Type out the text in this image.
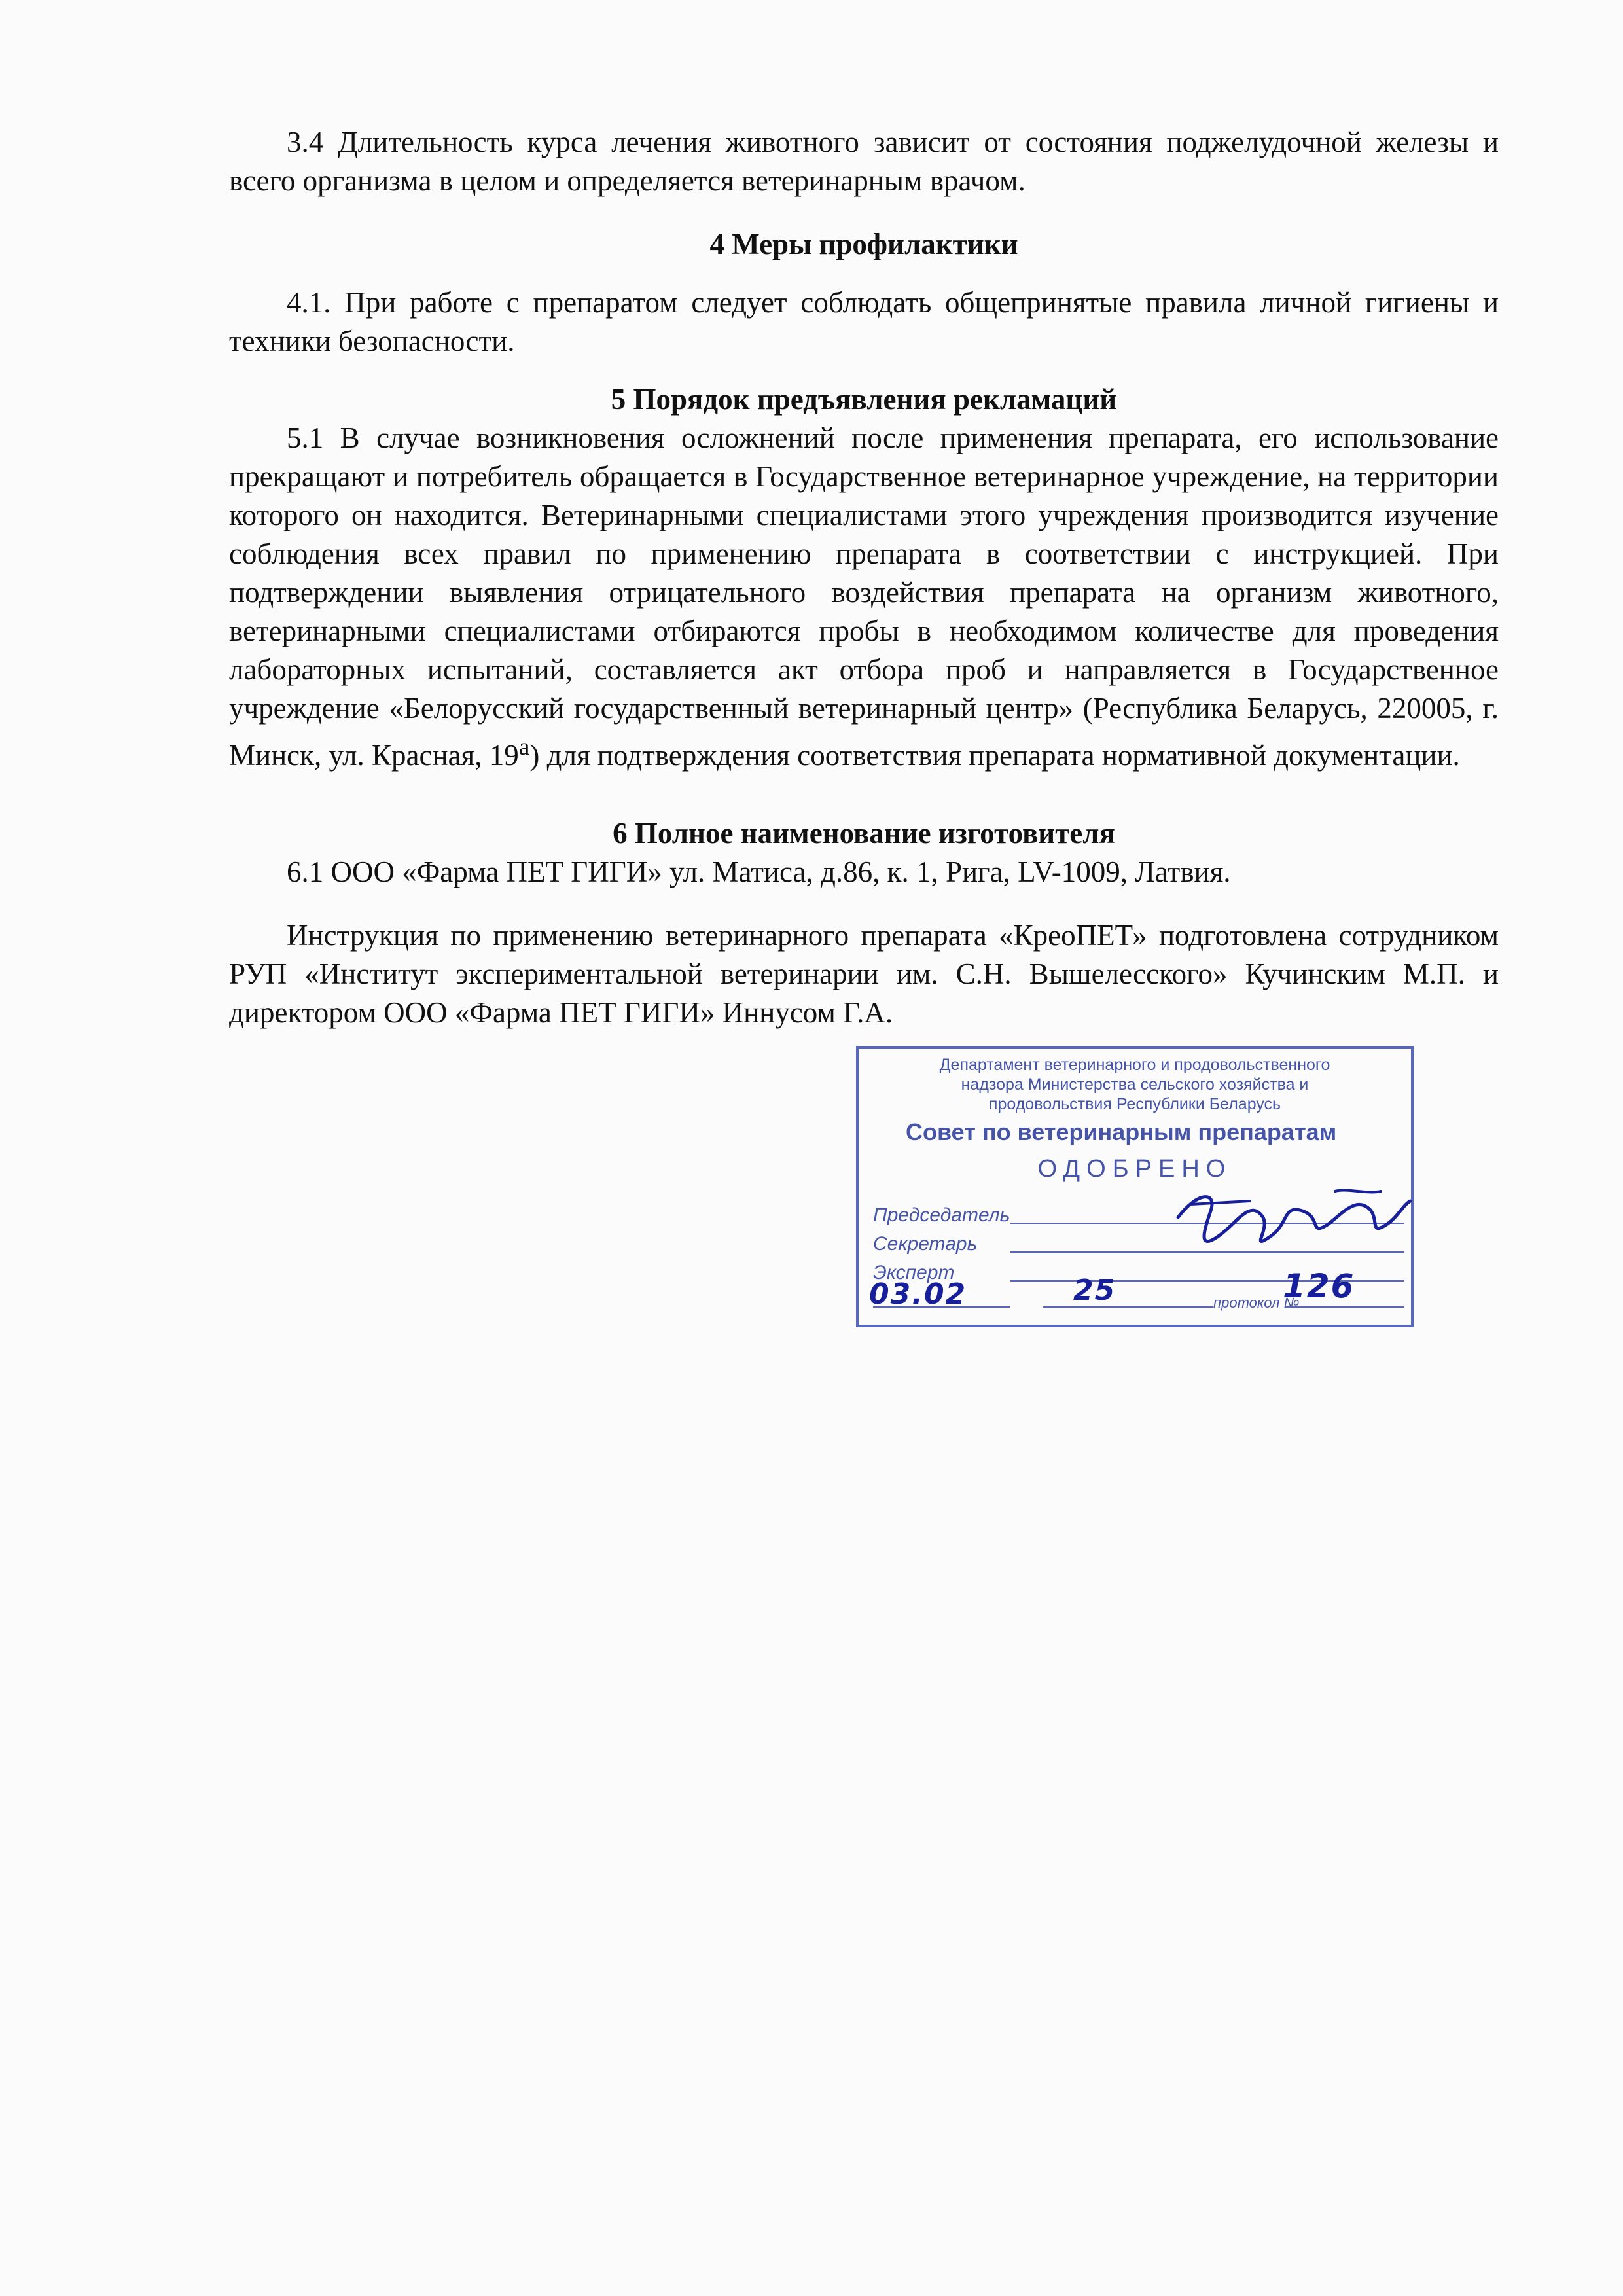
3.4 Длительность курса лечения животного зависит от состояния поджелудочной железы и всего организма в целом и определяется ветеринарным врачом.

4 Меры профилактики

4.1. При работе с препаратом следует соблюдать общепринятые правила личной гигиены и техники безопасности.

5 Порядок предъявления рекламаций

5.1 В случае возникновения осложнений после применения препарата, его использование прекращают и потребитель обращается в Государственное ветеринарное учреждение, на территории которого он находится. Ветеринарными специалистами этого учреждения производится изучение соблюдения всех правил по применению препарата в соответствии с инструкцией. При подтверждении выявления отрицательного воздействия препарата на организм животного, ветеринарными специалистами отбираются пробы в необходимом количестве для проведения лабораторных испытаний, составляется акт отбора проб и направляется в Государственное учреждение «Белорусский государственный ветеринарный центр» (Республика Беларусь, 220005, г. Минск, ул. Красная, $19^а$) для подтверждения соответствия препарата нормативной документации.

6 Полное наименование изготовителя

6.1 ООО «Фарма ПЕТ ГИГИ» ул. Матиса, д.86, к. 1, Рига, LV-1009, Латвия.

Инструкция по применению ветеринарного препарата «КреоПЕТ» подготовлена сотрудником РУП «Институт экспериментальной ветеринарии им. С.Н. Вышелесского» Кучинским М.П. и директором ООО «Фарма ПЕТ ГИГИ» Иннусом Г.А.

Департамент ветеринарного и продовольственного
надзора Министерства сельского хозяйства и
продовольствия Республики Беларусь
Совет по ветеринарным препаратам
ОДОБРЕНО
Председатель
Секретарь
Эксперт
протокол №
03.02	25	126
